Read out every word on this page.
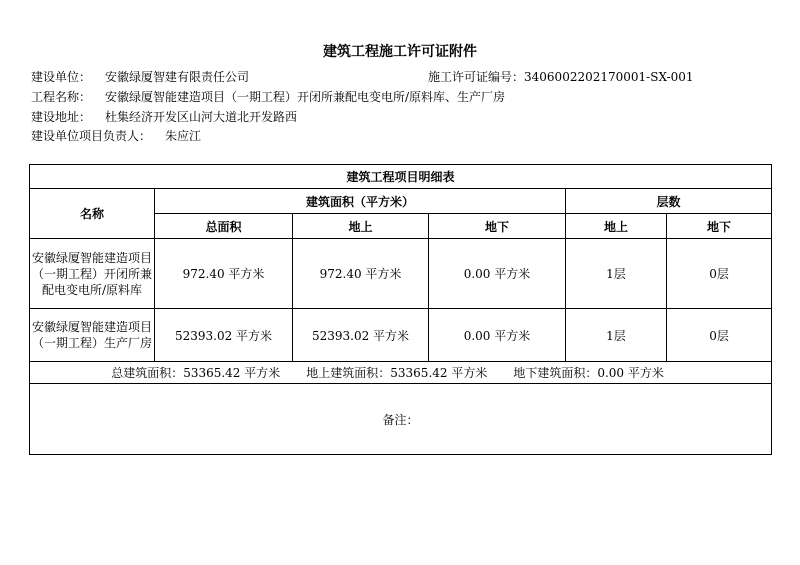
建筑工程施工许可证附件
建设单位： 安徽绿厦智建有限责任公司	施工许可证编号：3406002202170001-SX-001
工程名称： 安徽绿厦智能建造项目（一期工程）开闭所兼配电变电所/原料库、生产厂房
建设地址： 杜集经济开发区山河大道北开发路西
建设单位项目负责人： 朱应江
建筑工程项目明细表					
名称	建筑面积（平方米）			层数	
	总面积	地上	地下	地上	地下
安徽绿厦智能建造项目（一期工程）开闭所兼配电变电所/原料库	972.40 平方米	972.40 平方米	0.00 平方米	1层	0层
安徽绿厦智能建造项目（一期工程）生产厂房	52393.02 平方米	52393.02 平方米	0.00 平方米	1层	0层
总建筑面积：53365.42 平方米 地上建筑面积：53365.42 平方米 地下建筑面积：0.00 平方米					
备注：					
